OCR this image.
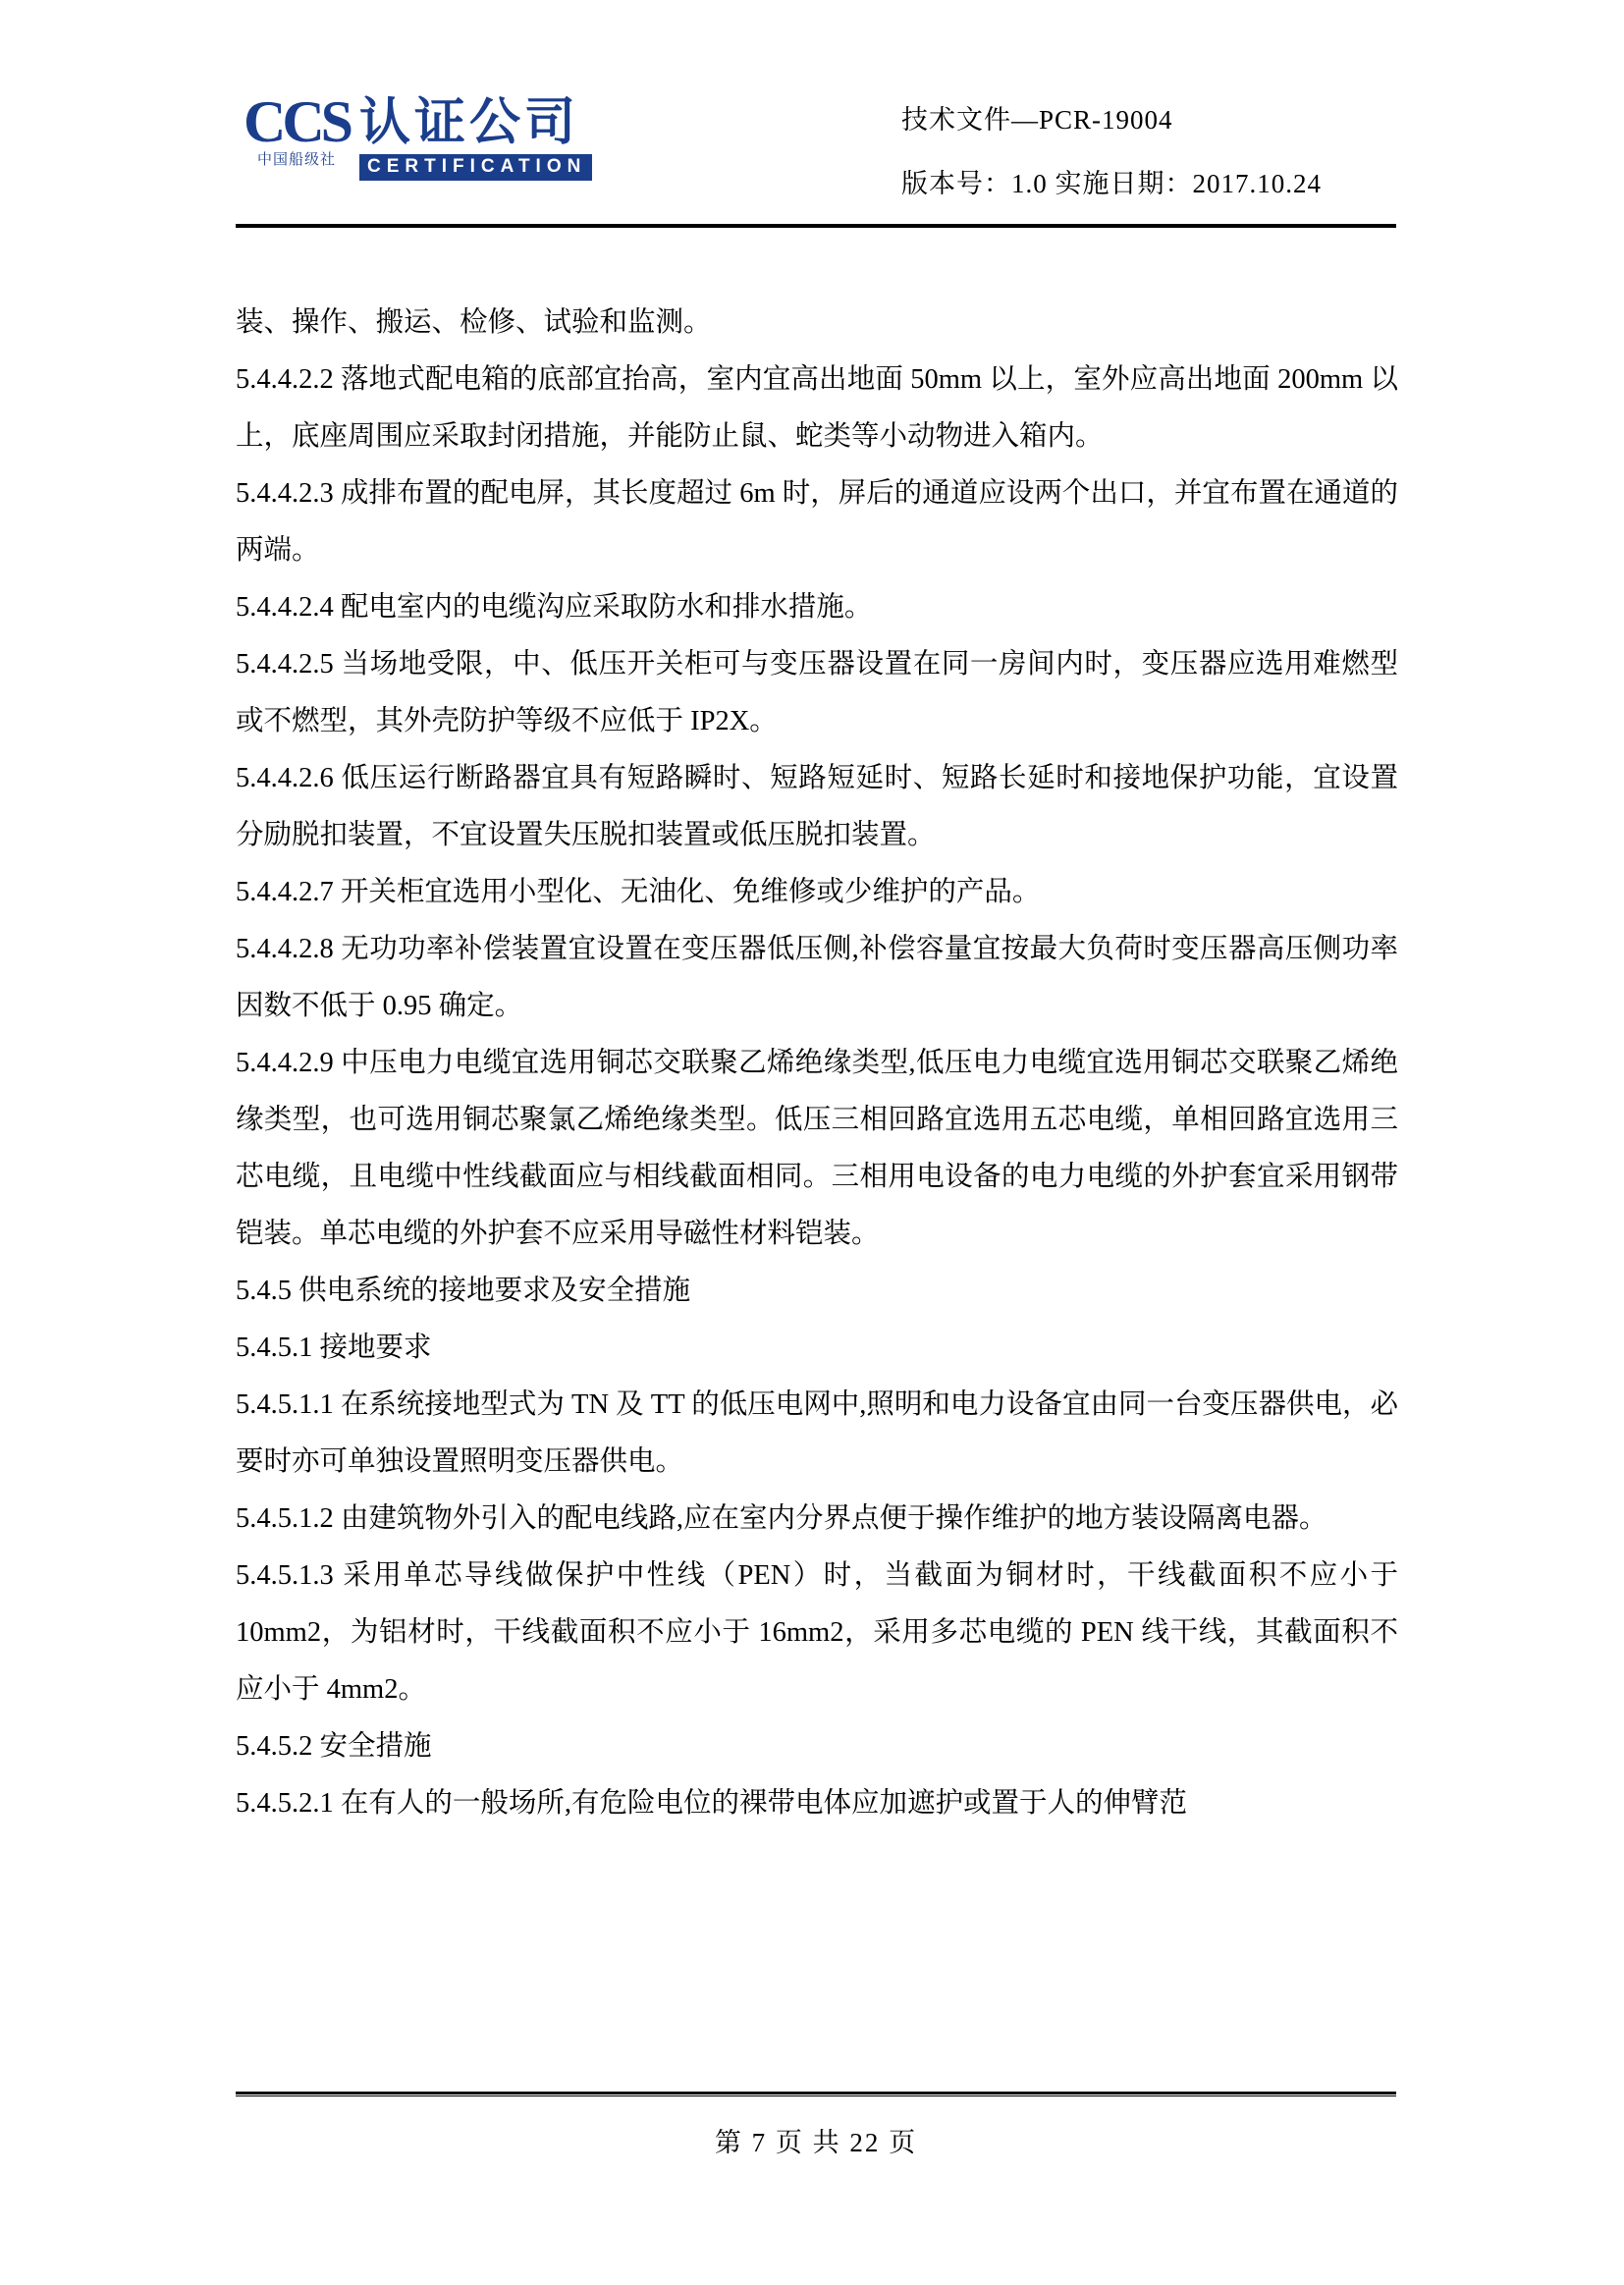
CCS
中国船级社
认证公司
CERTIFICATION
技术文件—PCR-19004
版本号：1.0 实施日期：2017.10.24

装、操作、搬运、检修、试验和监测。

5.4.4.2.2 落地式配电箱的底部宜抬高，室内宜高出地面 50mm 以上，室外应高出地面 200mm 以上，底座周围应采取封闭措施，并能防止鼠、蛇类等小动物进入箱内。

5.4.4.2.3 成排布置的配电屏，其长度超过 6m 时，屏后的通道应设两个出口，并宜布置在通道的两端。

5.4.4.2.4 配电室内的电缆沟应采取防水和排水措施。

5.4.4.2.5 当场地受限，中、低压开关柜可与变压器设置在同一房间内时，变压器应选用难燃型或不燃型，其外壳防护等级不应低于 IP2X。

5.4.4.2.6 低压运行断路器宜具有短路瞬时、短路短延时、短路长延时和接地保护功能，宜设置分励脱扣装置，不宜设置失压脱扣装置或低压脱扣装置。

5.4.4.2.7 开关柜宜选用小型化、无油化、免维修或少维护的产品。

5.4.4.2.8 无功功率补偿装置宜设置在变压器低压侧,补偿容量宜按最大负荷时变压器高压侧功率因数不低于 0.95 确定。

5.4.4.2.9 中压电力电缆宜选用铜芯交联聚乙烯绝缘类型,低压电力电缆宜选用铜芯交联聚乙烯绝缘类型，也可选用铜芯聚氯乙烯绝缘类型。低压三相回路宜选用五芯电缆，单相回路宜选用三芯电缆，且电缆中性线截面应与相线截面相同。三相用电设备的电力电缆的外护套宜采用钢带铠装。单芯电缆的外护套不应采用导磁性材料铠装。

5.4.5 供电系统的接地要求及安全措施

5.4.5.1 接地要求

5.4.5.1.1 在系统接地型式为 TN 及 TT 的低压电网中,照明和电力设备宜由同一台变压器供电，必要时亦可单独设置照明变压器供电。

5.4.5.1.2 由建筑物外引入的配电线路,应在室内分界点便于操作维护的地方装设隔离电器。

5.4.5.1.3 采用单芯导线做保护中性线（PEN）时，当截面为铜材时，干线截面积不应小于 10mm2，为铝材时，干线截面积不应小于 16mm2，采用多芯电缆的 PEN 线干线，其截面积不应小于 4mm2。

5.4.5.2 安全措施

5.4.5.2.1 在有人的一般场所,有危险电位的裸带电体应加遮护或置于人的伸臂范

第 7 页 共 22 页
